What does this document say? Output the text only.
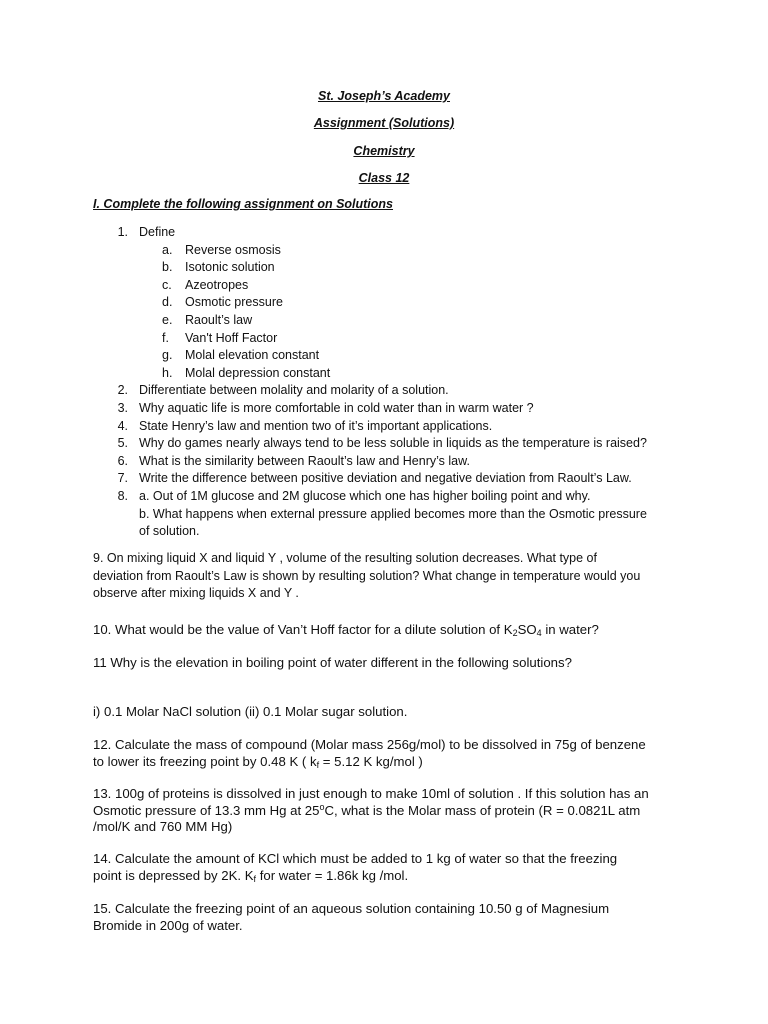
St. Joseph’s Academy
Assignment (Solutions)
Chemistry
Class 12
I. Complete the following assignment on Solutions
1. Define
a. Reverse osmosis
b. Isotonic solution
c. Azeotropes
d. Osmotic pressure
e. Raoult’s law
f. Van't Hoff Factor
g. Molal elevation constant
h. Molal depression constant
2. Differentiate between molality and molarity of a solution.
3. Why aquatic life is more comfortable in cold water than in warm water ?
4. State Henry’s law and mention two of it’s important applications.
5. Why do games nearly always tend to be less soluble in liquids as the temperature is raised?
6. What is the similarity between Raoult’s law and Henry’s law.
7. Write the difference between positive deviation and negative deviation from Raoult’s Law.
8. a. Out of 1M glucose and 2M glucose which one has higher boiling point and why.
b. What happens when external pressure applied becomes more than the Osmotic pressure
of solution.
9. On mixing liquid X and liquid Y , volume of the resulting solution decreases. What type of
deviation from Raoult’s Law is shown by resulting solution? What change in temperature would you
observe after mixing liquids X and Y .
10. What would be the value of Van’t Hoff factor for a dilute solution of $K_2SO_4$ in water?
11 Why is the elevation in boiling point of water different in the following solutions?
i) 0.1 Molar NaCl solution (ii) 0.1 Molar sugar solution.
12. Calculate the mass of compound (Molar mass 256g/mol) to be dissolved in 75g of benzene
to lower its freezing point by 0.48 K ( $k_f = 5.12$ K kg/mol )
13. 100g of proteins is dissolved in just enough to make 10ml of solution . If this solution has an
Osmotic pressure of 13.3 mm Hg at 25$^o$C, what is the Molar mass of protein (R = 0.0821L atm
/mol/K and 760 MM Hg)
14. Calculate the amount of KCl which must be added to 1 kg of water so that the freezing
point is depressed by 2K. $K_f$ for water = 1.86k kg /mol.
15. Calculate the freezing point of an aqueous solution containing 10.50 g of Magnesium
Bromide in 200g of water.
